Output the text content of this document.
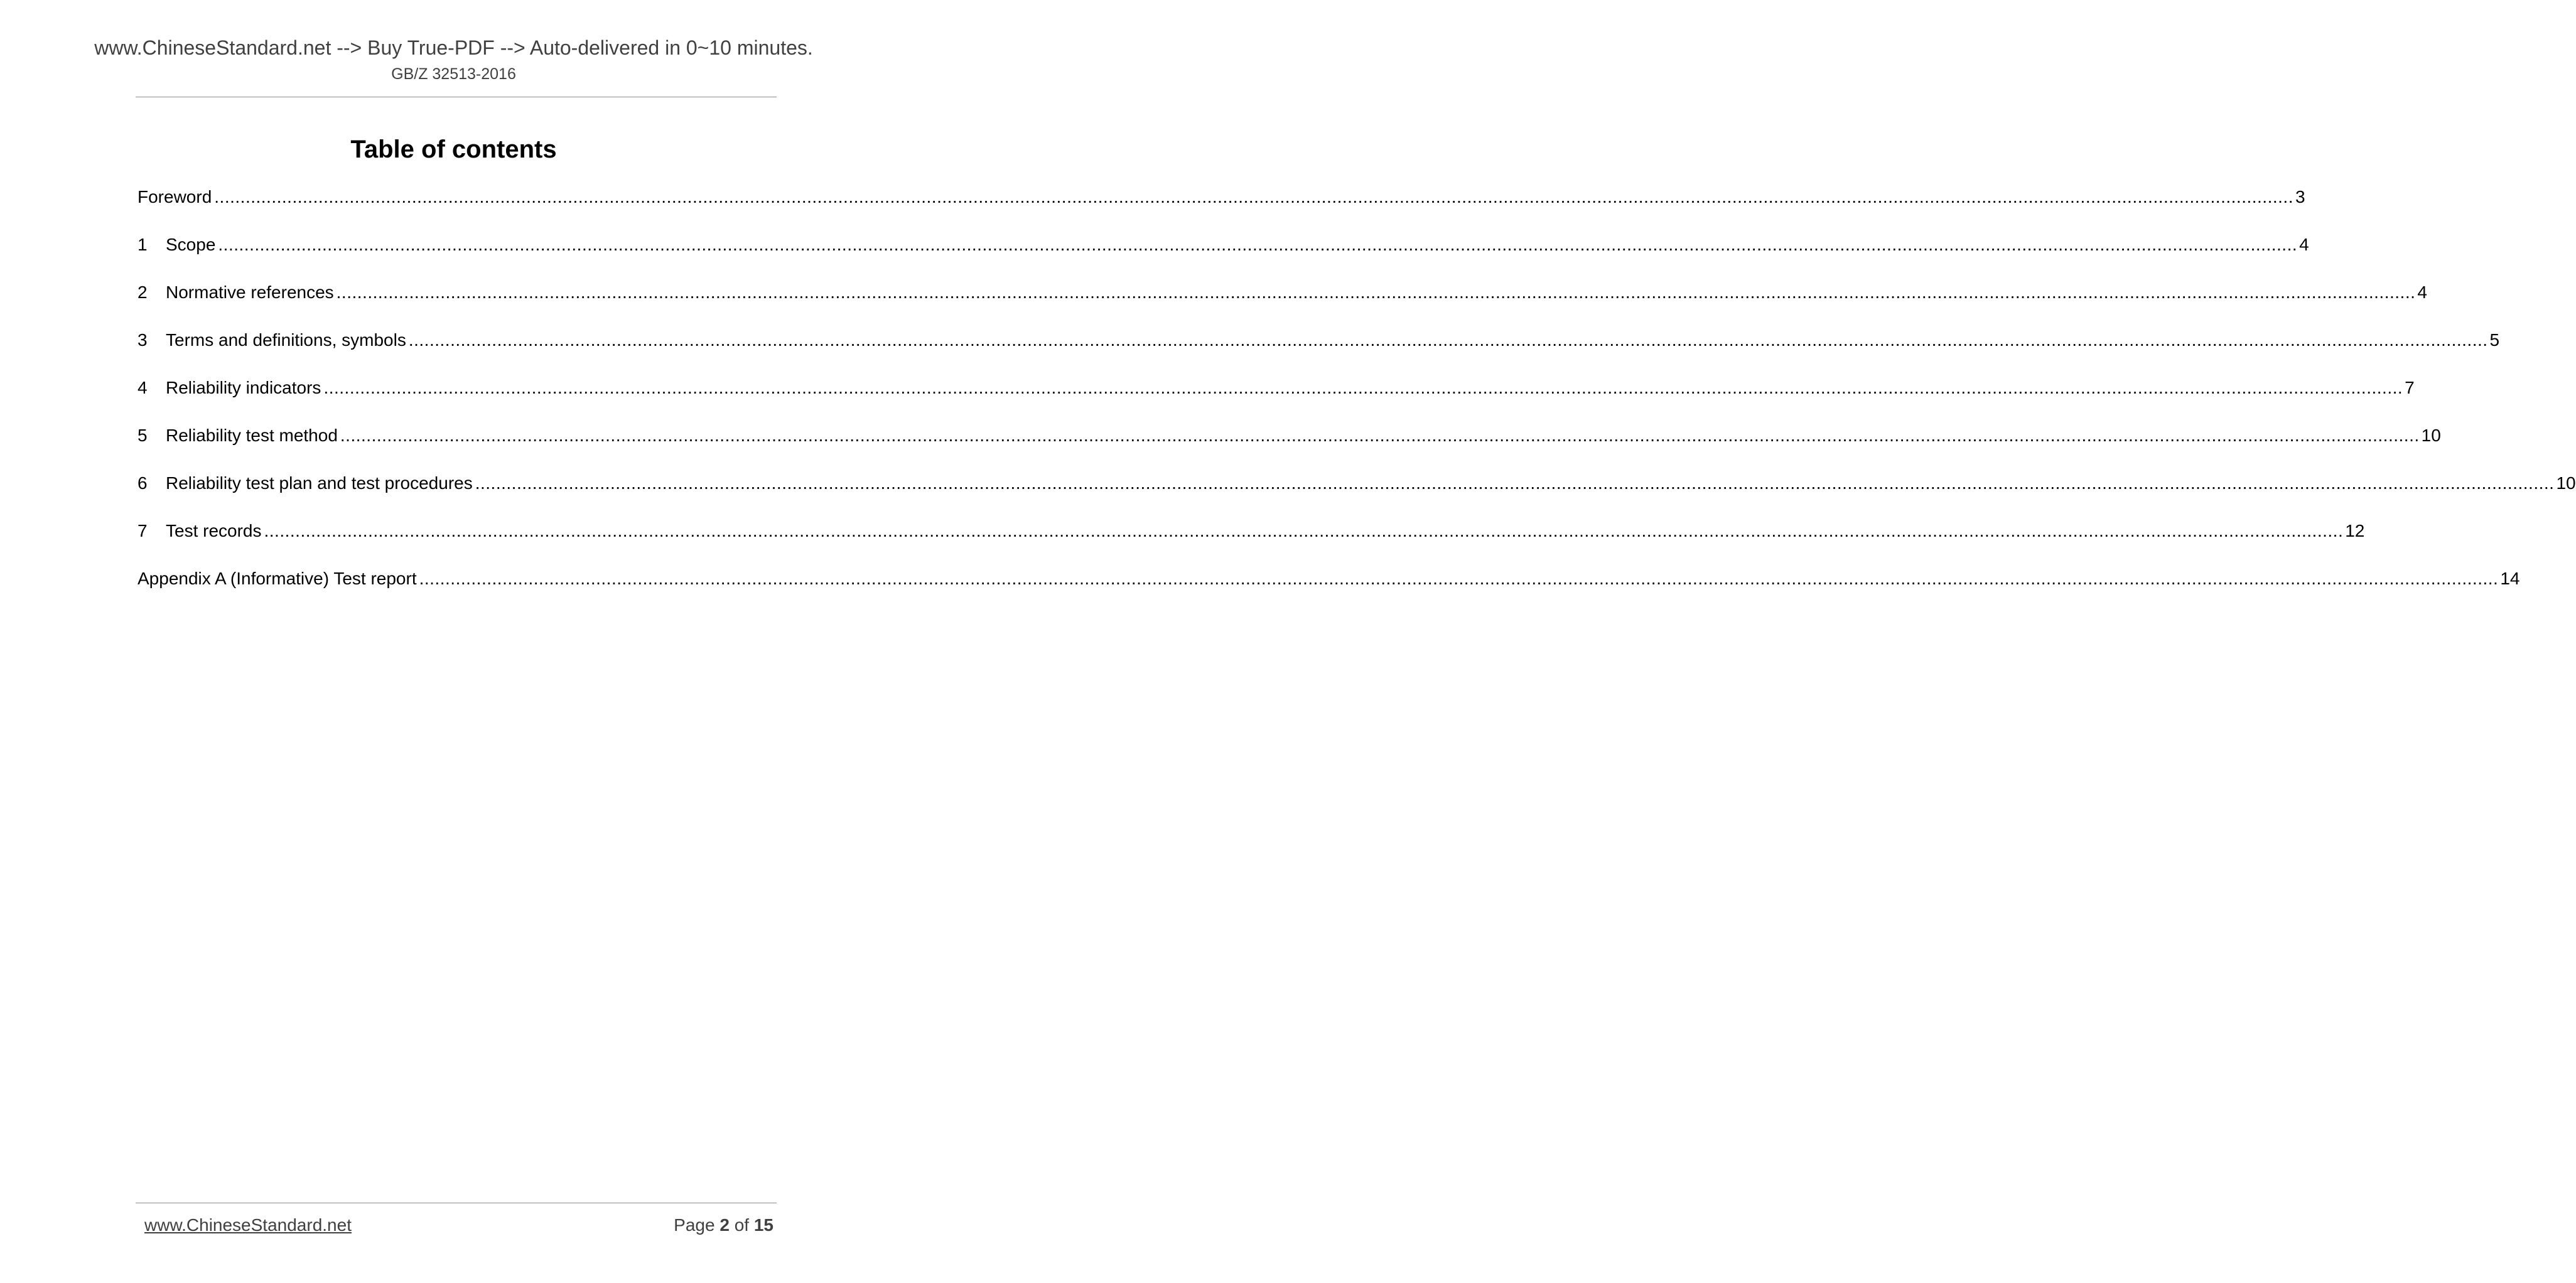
www.ChineseStandard.net --> Buy True-PDF --> Auto-delivered in 0~10 minutes.
GB/Z 32513-2016
Table of contents
Foreword ................................................................................................................................................................................................................................................................................................................................................................................................................ 3
1	Scope ................................................................................................................................................................................................................................................................................................................................................................................................................ 4
2	Normative references ................................................................................................................................................................................................................................................................................................................................................................................................................ 4
3	Terms and definitions, symbols ................................................................................................................................................................................................................................................................................................................................................................................................................ 5
4	Reliability indicators ................................................................................................................................................................................................................................................................................................................................................................................................................ 7
5	Reliability test method ................................................................................................................................................................................................................................................................................................................................................................................................................ 10
6	Reliability test plan and test procedures ................................................................................................................................................................................................................................................................................................................................................................................................................ 10
7	Test records ................................................................................................................................................................................................................................................................................................................................................................................................................ 12
Appendix A (Informative) Test report ................................................................................................................................................................................................................................................................................................................................................................................................................ 14
www.ChineseStandard.net	Page 2 of 15
